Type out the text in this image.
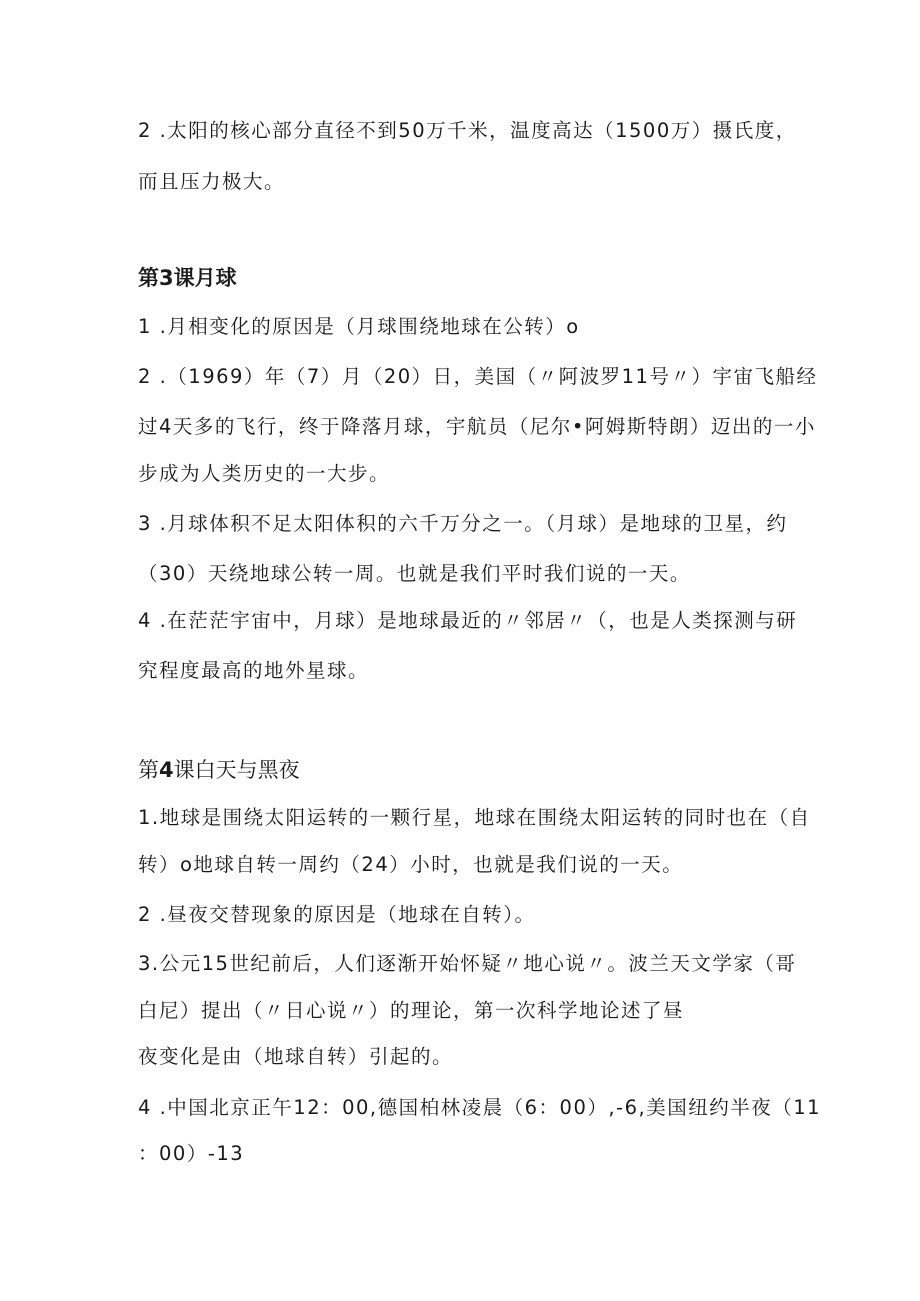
2 .太阳的核心部分直径不到50万千米，温度高达（1500万）摄氏度，
而且压力极大。
第3课月球
1 .月相变化的原因是（月球围绕地球在公转）o
2 .（1969）年（7）月（20）日，美国（〃阿波罗11号〃）宇宙飞船经
过4天多的飞行，终于降落月球，宇航员（尼尔•阿姆斯特朗）迈出的一小
步成为人类历史的一大步。
3 .月球体积不足太阳体积的六千万分之一。（月球）是地球的卫星，约
（30）天绕地球公转一周。也就是我们平时我们说的一天。
4 .在茫茫宇宙中，月球）是地球最近的〃邻居〃（，也是人类探测与研
究程度最高的地外星球。
第4课白天与黑夜
1.地球是围绕太阳运转的一颗行星，地球在围绕太阳运转的同时也在（自
转）o地球自转一周约（24）小时，也就是我们说的一天。
2 .昼夜交替现象的原因是（地球在自转）。
3.公元15世纪前后，人们逐渐开始怀疑〃地心说〃。波兰天文学家（哥
白尼）提出（〃日心说〃）的理论，第一次科学地论述了昼
夜变化是由（地球自转）引起的。
4 .中国北京正午12：00,德国柏林凌晨（6：00）,-6,美国纽约半夜（11
：00）-13
